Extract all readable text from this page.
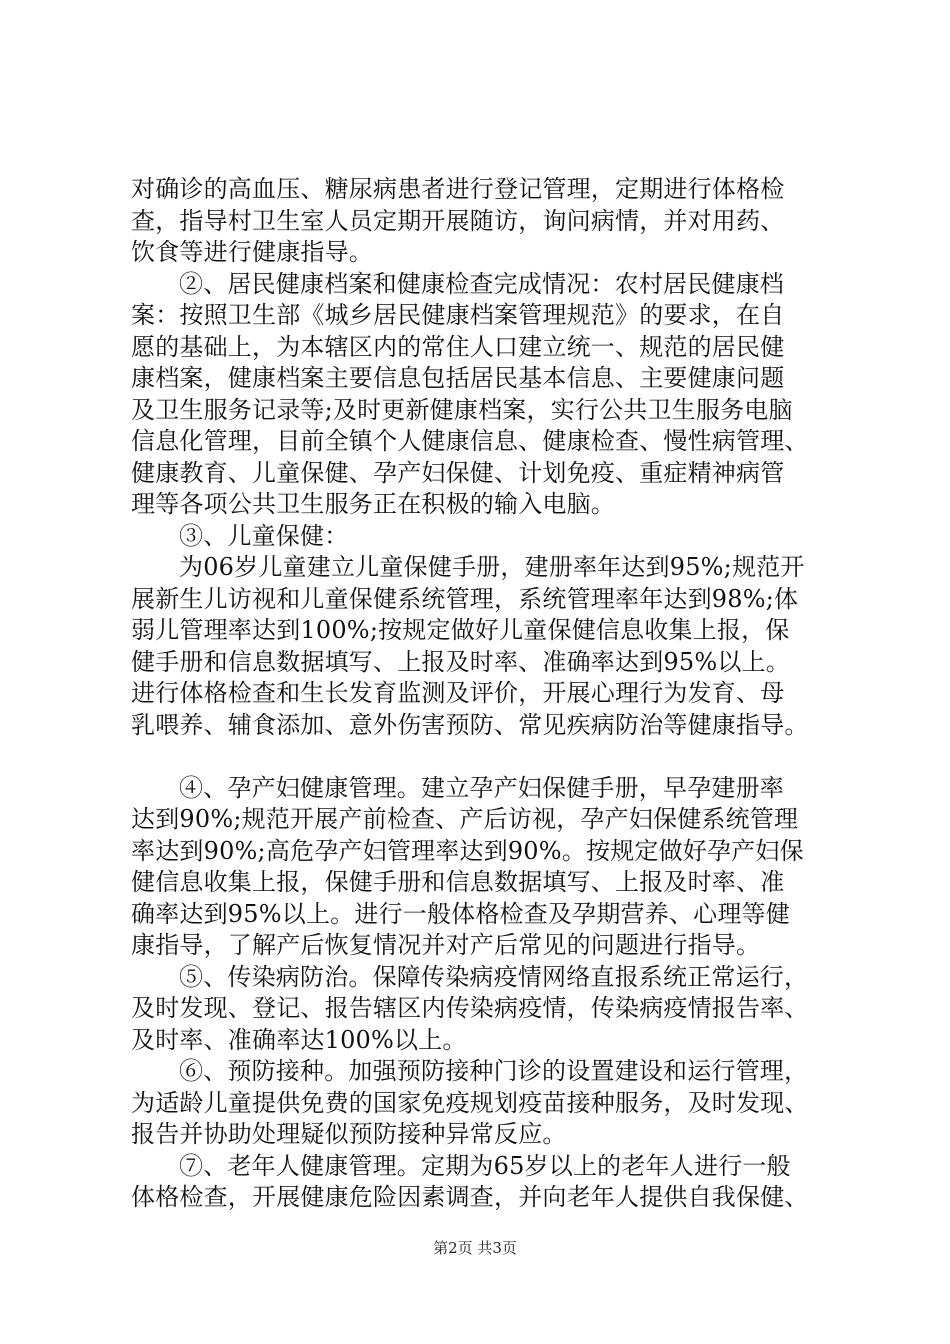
对确诊的高血压、糖尿病患者进行登记管理，定期进行体格检
查，指导村卫生室人员定期开展随访，询问病情，并对用药、
饮食等进行健康指导。
②、居民健康档案和健康检查完成情况：农村居民健康档
案：按照卫生部《城乡居民健康档案管理规范》的要求，在自
愿的基础上，为本辖区内的常住人口建立统一、规范的居民健
康档案，健康档案主要信息包括居民基本信息、主要健康问题
及卫生服务记录等;及时更新健康档案，实行公共卫生服务电脑
信息化管理，目前全镇个人健康信息、健康检查、慢性病管理、
健康教育、儿童保健、孕产妇保健、计划免疫、重症精神病管
理等各项公共卫生服务正在积极的输入电脑。
③、儿童保健：
为06岁儿童建立儿童保健手册，建册率年达到95%;规范开
展新生儿访视和儿童保健系统管理，系统管理率年达到98%;体
弱儿管理率达到100%;按规定做好儿童保健信息收集上报，保
健手册和信息数据填写、上报及时率、准确率达到95%以上。
进行体格检查和生长发育监测及评价，开展心理行为发育、母
乳喂养、辅食添加、意外伤害预防、常见疾病防治等健康指导。
④、孕产妇健康管理。建立孕产妇保健手册，早孕建册率
达到90%;规范开展产前检查、产后访视，孕产妇保健系统管理
率达到90%;高危孕产妇管理率达到90%。按规定做好孕产妇保
健信息收集上报，保健手册和信息数据填写、上报及时率、准
确率达到95%以上。进行一般体格检查及孕期营养、心理等健
康指导，了解产后恢复情况并对产后常见的问题进行指导。
⑤、传染病防治。保障传染病疫情网络直报系统正常运行，
及时发现、登记、报告辖区内传染病疫情，传染病疫情报告率、
及时率、准确率达100%以上。
⑥、预防接种。加强预防接种门诊的设置建设和运行管理，
为适龄儿童提供免费的国家免疫规划疫苗接种服务，及时发现、
报告并协助处理疑似预防接种异常反应。
⑦、老年人健康管理。定期为65岁以上的老年人进行一般
体格检查，开展健康危险因素调查，并向老年人提供自我保健、
第2页 共3页
